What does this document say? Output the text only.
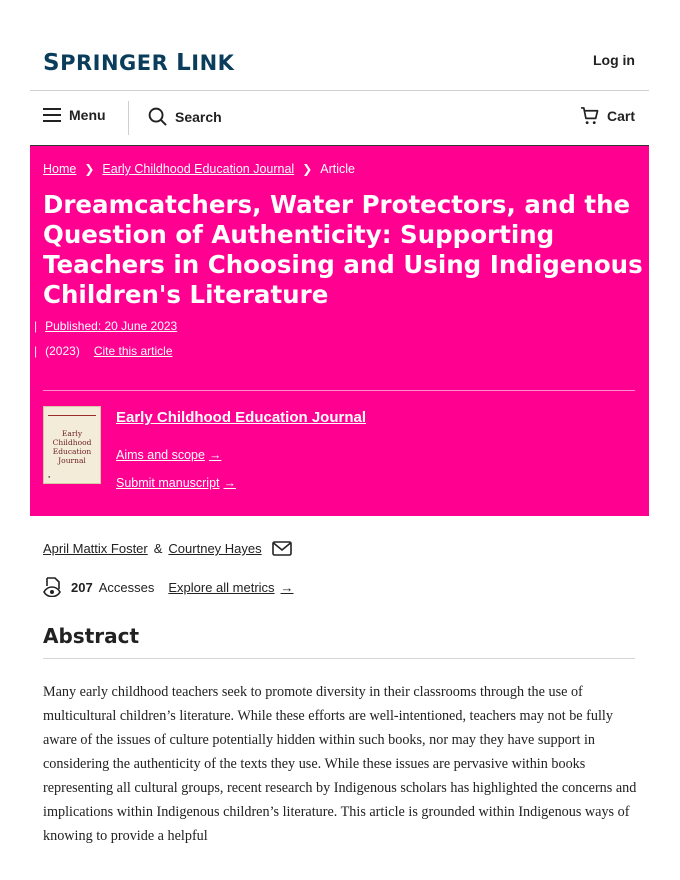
SPRINGER LINK	Log in
Menu	Search	Cart
Home ❯ Early Childhood Education Journal ❯ Article
Dreamcatchers, Water Protectors, and the Question of Authenticity: Supporting Teachers in Choosing and Using Indigenous Children's Literature
| Published: 20 June 2023
| (2023) Cite this article
Early Childhood Education Journal
●
Early Childhood Education Journal
Aims and scope →
Submit manuscript →
April Mattix Foster & Courtney Hayes
207 Accesses Explore all metrics →
Abstract

Many early childhood teachers seek to promote diversity in their classrooms through the use of multicultural children’s literature. While these efforts are well-intentioned, teachers may not be fully aware of the issues of culture potentially hidden within such books, nor may they have support in considering the authenticity of the texts they use. While these issues are pervasive within books representing all cultural groups, recent research by Indigenous scholars has highlighted the concerns and implications within Indigenous children’s literature. This article is grounded within Indigenous ways of knowing to provide a helpful
